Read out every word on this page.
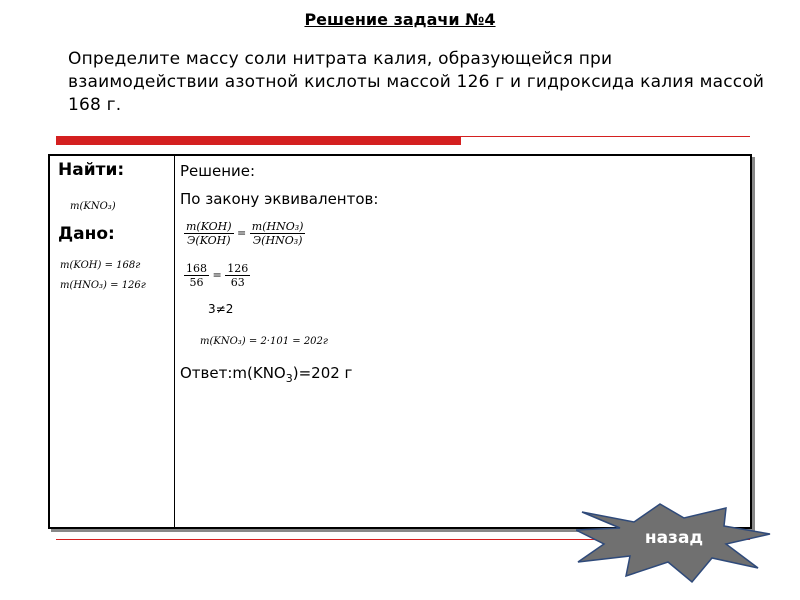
Решение задачи №4
Определите массу соли нитрата калия, образующейся при взаимодействии азотной кислоты массой 126 г и гидроксида калия массой 168 г.
Найти:
m(KNO₃)
Дано:
m(KOH) = 168г
m(HNO₃) = 126г
Решение:
По закону эквивалентов:
$\frac{\text{m(KOH)}}{\text{Э(KOH)}} = \frac{\text{m(HNO₃)}}{\text{Э(HNO₃)}}$
$\frac{168}{56} = \frac{126}{63}$
3≠2
m(KNO₃) = 2·101 = 202г
$Ответ:m(KNO_3)=202$ г
назад
